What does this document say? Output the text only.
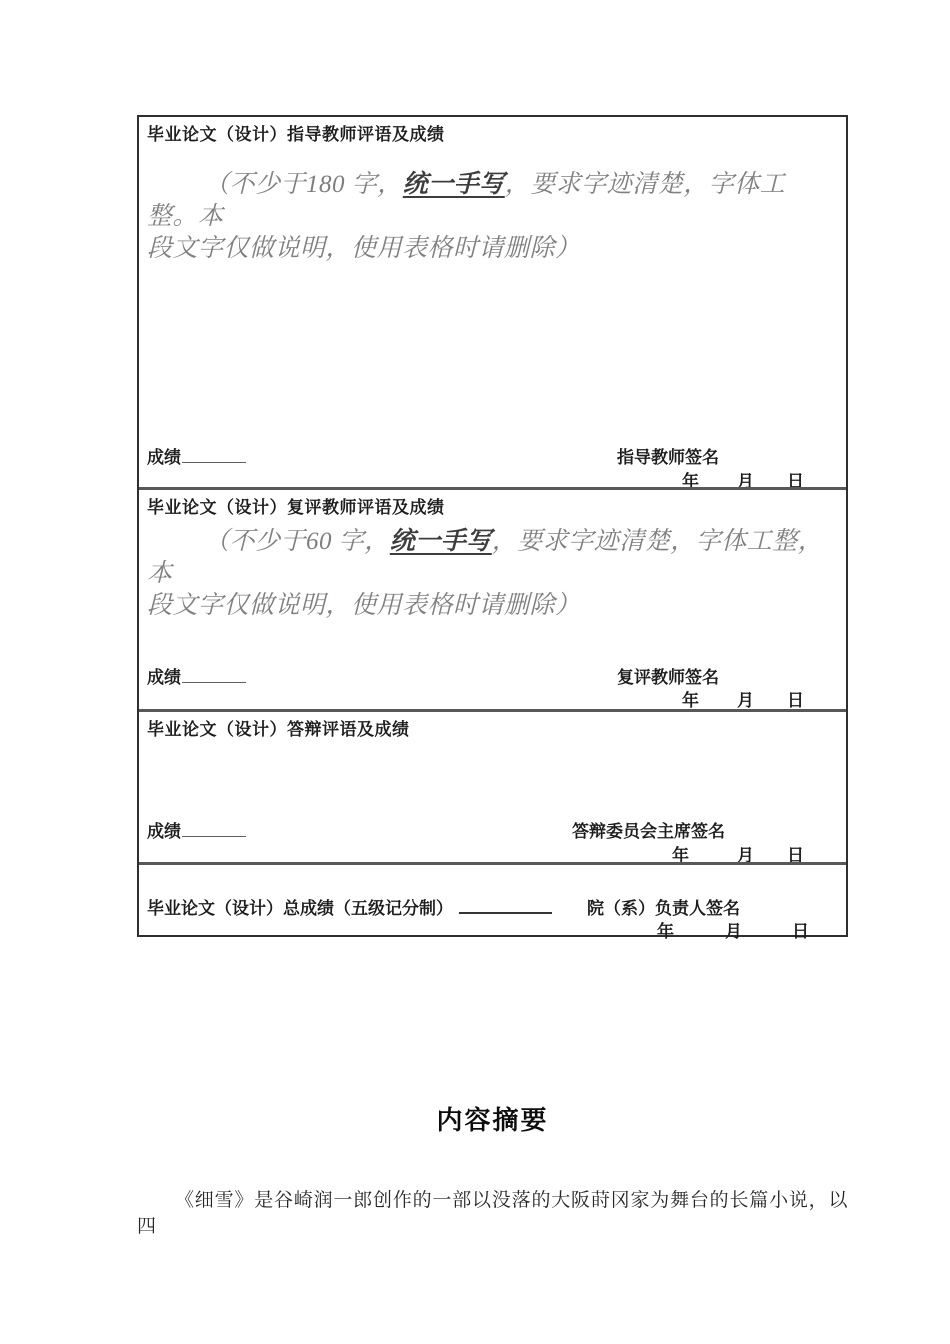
毕业论文（设计）指导教师评语及成绩
（不少于180 字，统一手写，要求字迹清楚，字体工整。本
段文字仅做说明，使用表格时请删除）
成绩	指导教师签名
年 月 日
毕业论文（设计）复评教师评语及成绩
（不少于60 字，统一手写，要求字迹清楚，字体工整，本
段文字仅做说明，使用表格时请删除）
成绩	复评教师签名
年 月 日
毕业论文（设计）答辩评语及成绩
成绩	答辩委员会主席签名
年	月 日
毕业论文（设计）总成绩（五级记分制）	院（系）负责人签名
年	月	日
内容摘要
《细雪》是谷崎润一郎创作的一部以没落的大阪莳冈家为舞台的长篇小说，以四
